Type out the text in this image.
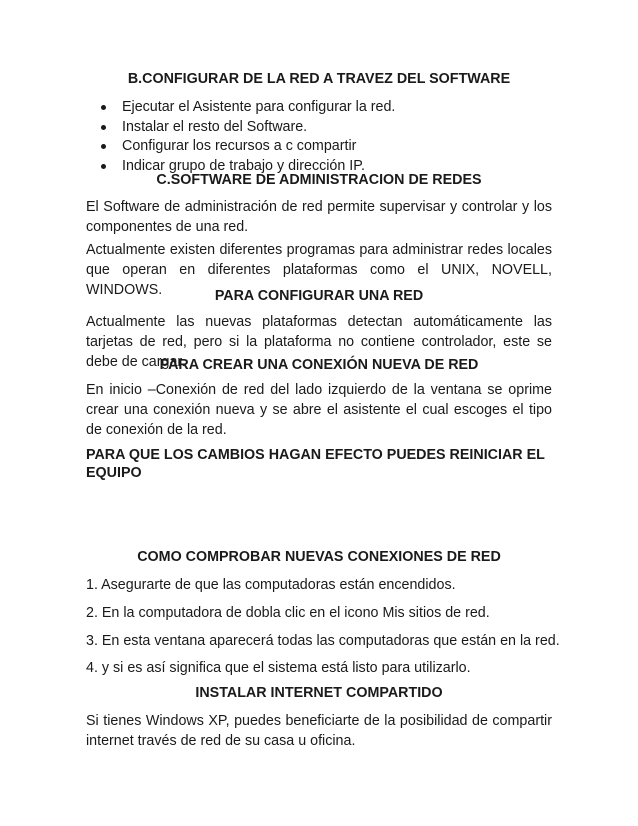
B.CONFIGURAR DE LA RED A TRAVEZ DEL SOFTWARE
Ejecutar el Asistente para configurar la red.
Instalar el resto del Software.
Configurar los recursos a c compartir
Indicar grupo de trabajo y dirección IP.
C.SOFTWARE DE ADMINISTRACION DE REDES

El Software de administración de red permite supervisar y controlar y los componentes de una red.

Actualmente existen diferentes programas para administrar redes locales que operan en diferentes plataformas como el UNIX, NOVELL, WINDOWS.	PARA CONFIGURAR UNA RED

Actualmente las nuevas plataformas detectan automáticamente las tarjetas de red, pero si la plataforma no contiene controlador, este se debe de cargar.

PARA CREAR UNA CONEXIÓN NUEVA DE RED

En inicio –Conexión de red del lado izquierdo de la ventana se oprime crear una conexión nueva y se abre el asistente el cual escoges el tipo de conexión de la red.

PARA QUE LOS CAMBIOS HAGAN EFECTO PUEDES REINICIAR EL EQUIPO
COMO COMPROBAR NUEVAS CONEXIONES DE RED

1. Asegurarte de que las computadoras están encendidos.

2. En la computadora de dobla clic en el icono Mis sitios de red.

3. En esta ventana aparecerá todas las computadoras que están en la red.

4. y si es así significa que el sistema está listo para utilizarlo.

INSTALAR INTERNET COMPARTIDO

Si tienes Windows XP, puedes beneficiarte de la posibilidad de compartir internet través de red de su casa u oficina.
